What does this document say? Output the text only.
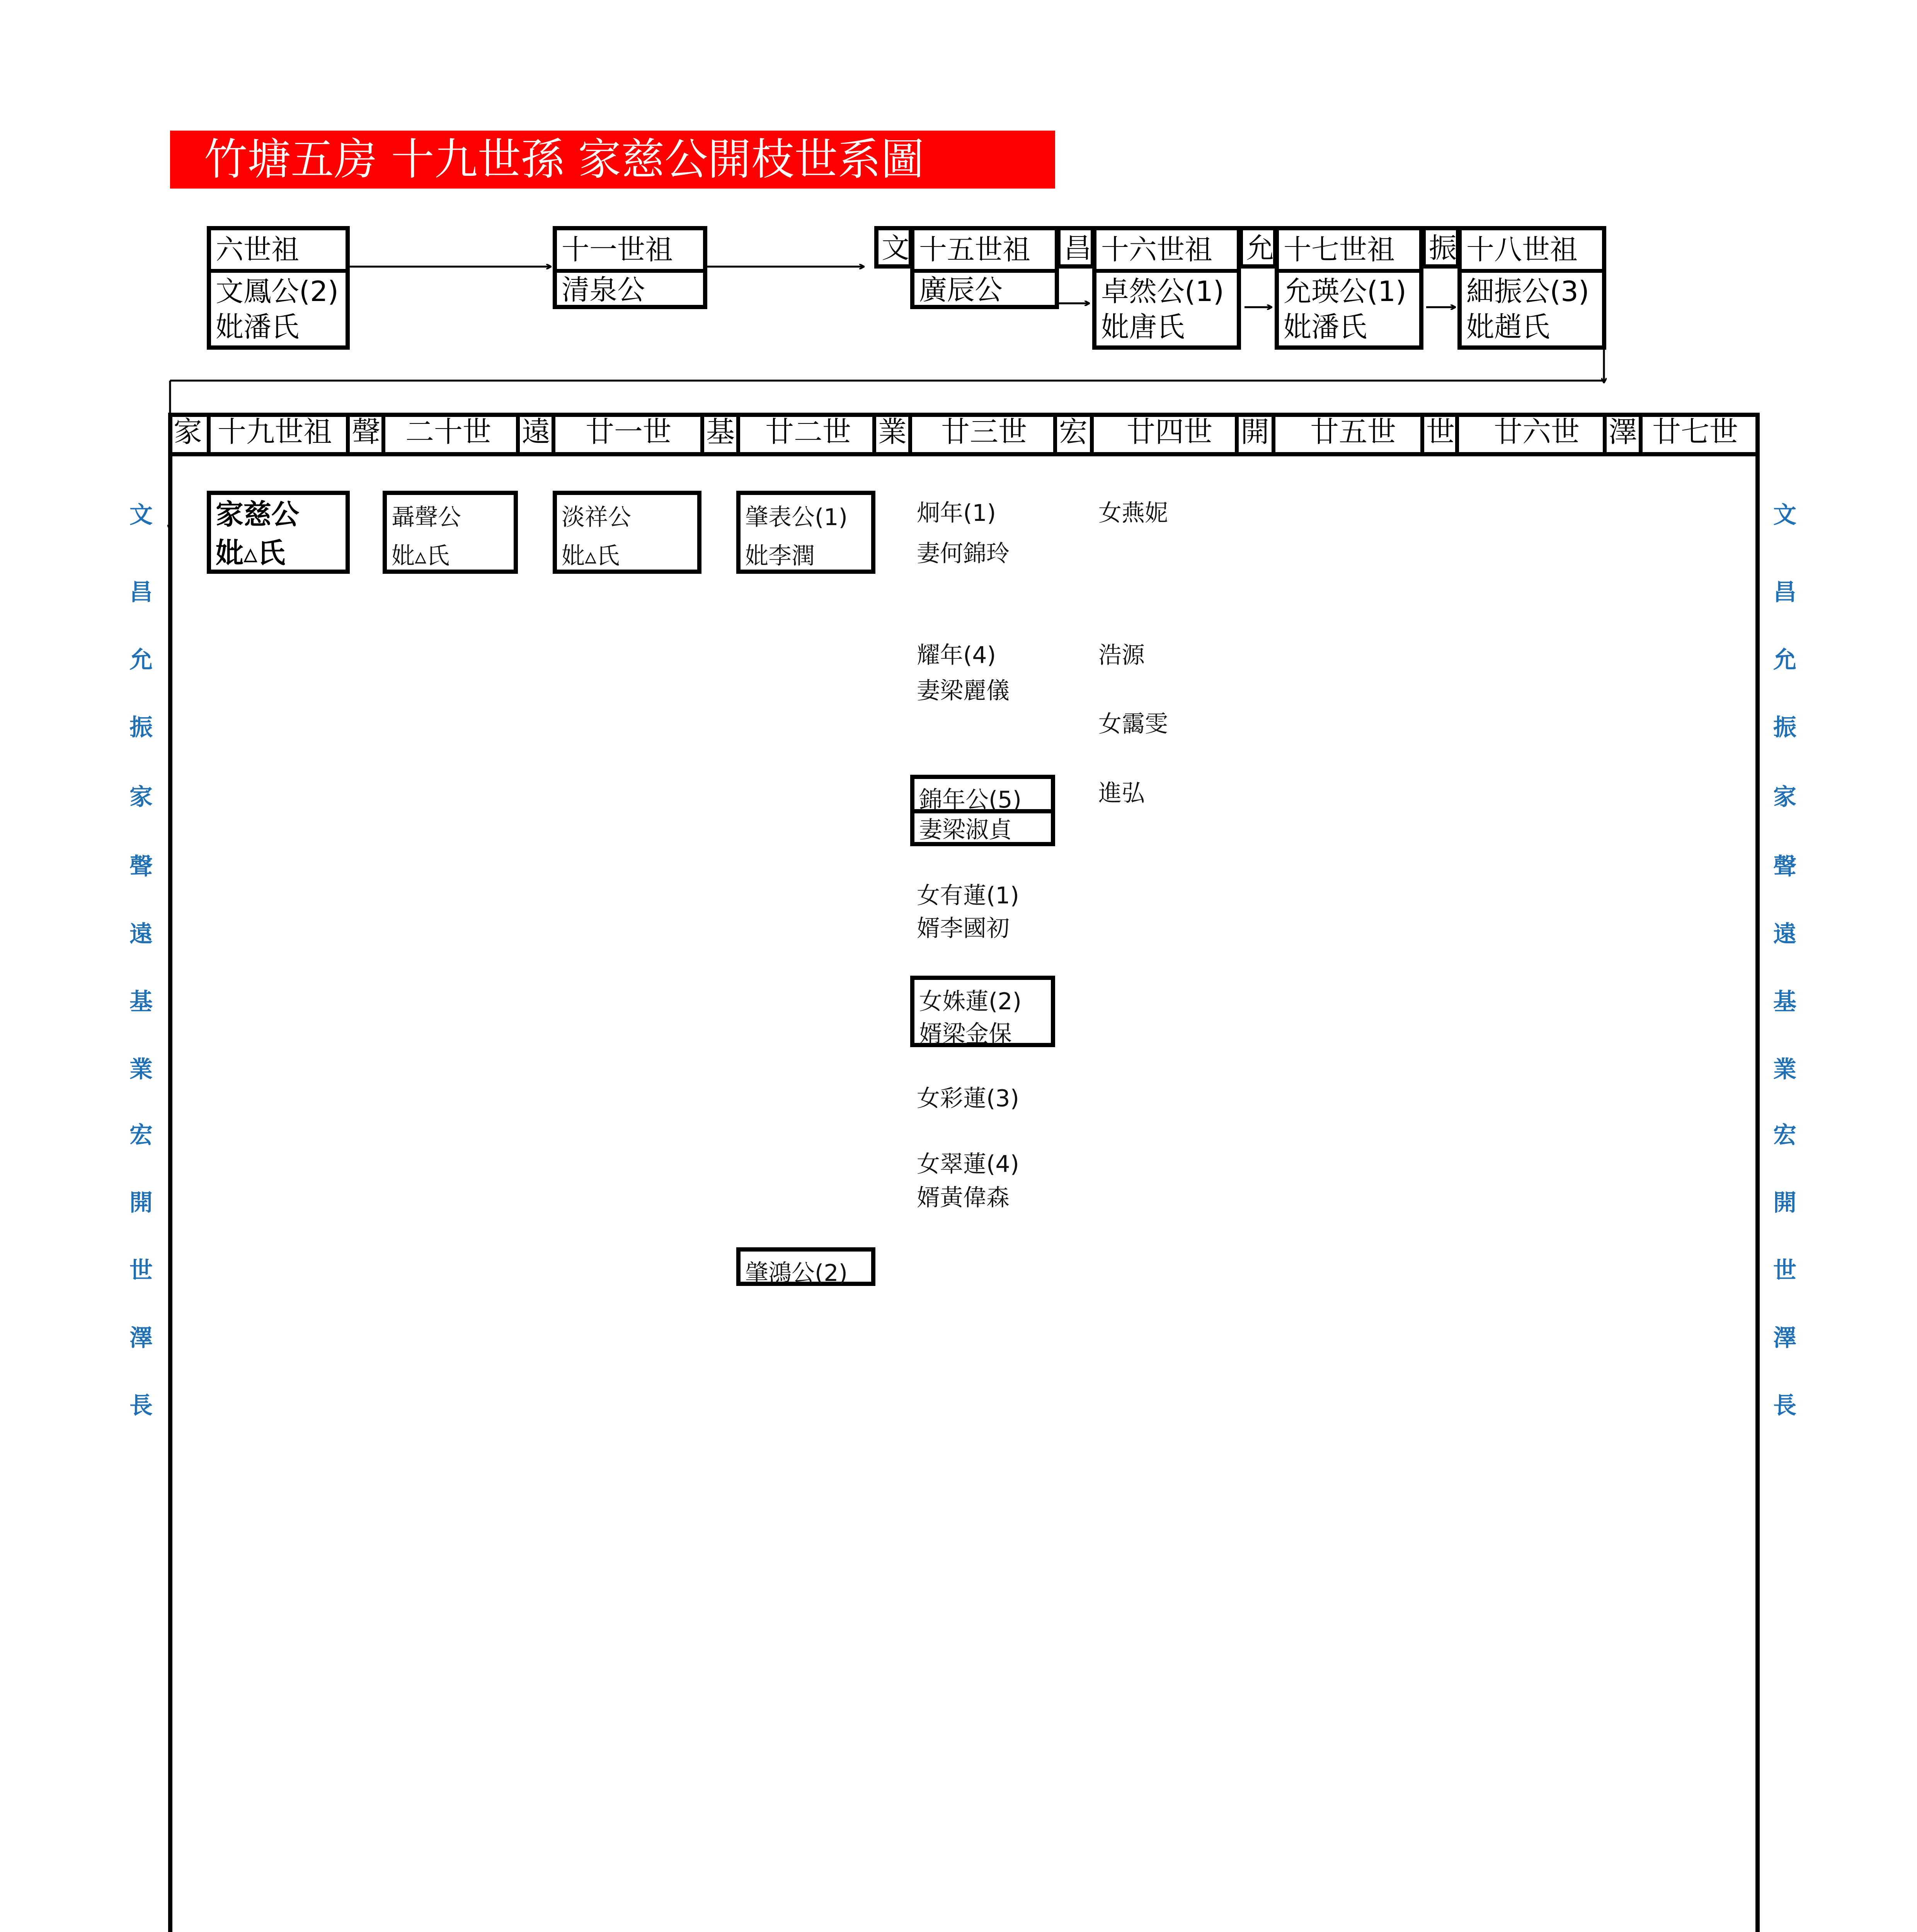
竹塘五房 十九世孫 家慈公開枝世系圖
六世祖
文鳳公(2)
妣潘氏
十一世祖
清泉公
文 十五世祖
廣辰公
昌 十六世祖
卓然公(1)
妣唐氏
允 十七世祖
允瑛公(1)
妣潘氏
振 十八世祖
細振公(3)
妣趙氏
家 十九世祖 聲 二十世 遠 廿一世 基 廿二世 業 廿三世 宏 廿四世 開 廿五世 世 廿六世 澤 廿七世
家慈公
妣▵氏
聶聲公
妣▵氏
淡祥公
妣▵氏
肇表公(1)
妣李潤
肇鴻公(2)
炯年(1)
妻何錦玲
耀年(4)
妻梁麗儀
錦年公(5)
妻梁淑貞
女有蓮(1)
婿李國初
女姝蓮(2)
婿梁金保
女彩蓮(3)
女翠蓮(4)
婿黃偉森
女燕妮
浩源
女靄雯
進弘
文
昌
允
振
家
聲
遠
基
業
宏
開
世
澤
長
文
昌
允
振
家
聲
遠
基
業
宏
開
世
澤
長
